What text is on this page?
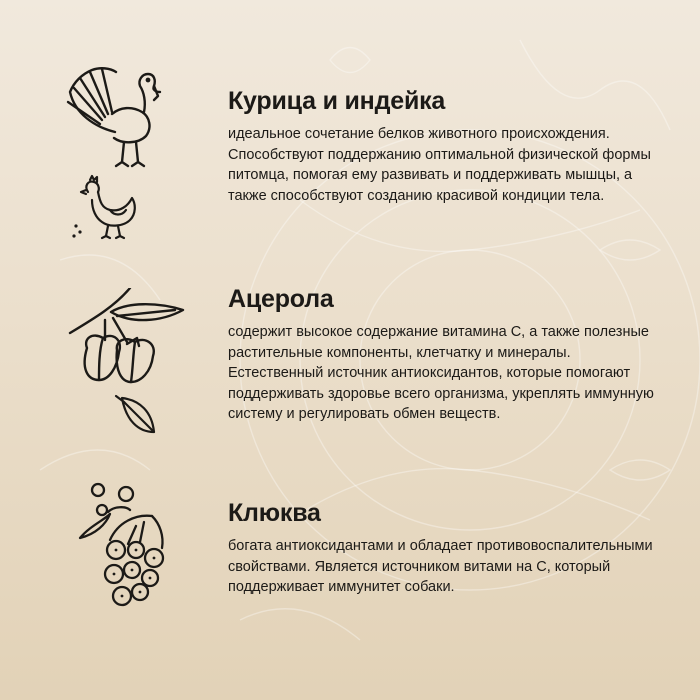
Курица и индейка

идеальное сочетание белков животного происхождения. Способствуют поддержанию оптимальной физической формы питомца, помогая ему развивать и поддерживать мышцы, а также способствуют созданию красивой кондиции тела.

Ацерола

содержит высокое содержание витамина С, а также полезные растительные компоненты, клетчатку и минералы. Естественный источник антиоксидантов, которые помогают поддерживать здоровье всего организма, укреплять иммунную систему и регулировать обмен веществ.

Клюква

богата антиоксидантами и обладает противовоспалительными свойствами. Является источником витами на С, который поддерживает иммунитет собаки.
